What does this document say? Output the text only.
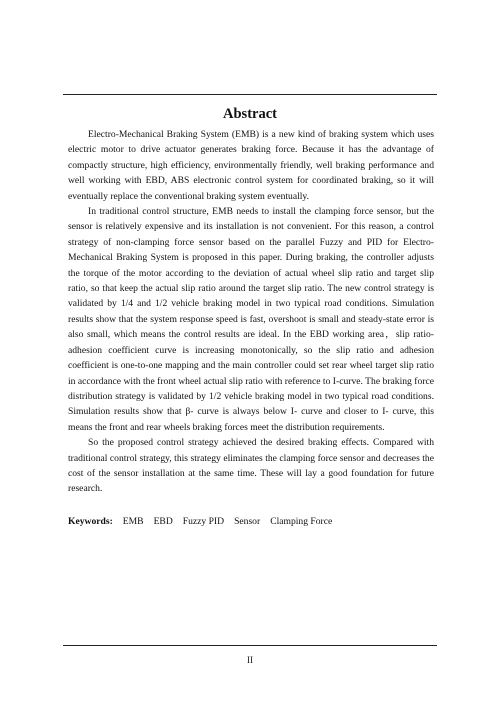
Abstract

Electro-Mechanical Braking System (EMB) is a new kind of braking system which uses electric motor to drive actuator generates braking force. Because it has the advantage of compactly structure, high efficiency, environmentally friendly, well braking performance and well working with EBD, ABS electronic control system for coordinated braking, so it will eventually replace the conventional braking system eventually.

In traditional control structure, EMB needs to install the clamping force sensor, but the sensor is relatively expensive and its installation is not convenient. For this reason, a control strategy of non-clamping force sensor based on the parallel Fuzzy and PID for Electro-Mechanical Braking System is proposed in this paper. During braking, the controller adjusts the torque of the motor according to the deviation of actual wheel slip ratio and target slip ratio, so that keep the actual slip ratio around the target slip ratio. The new control strategy is validated by 1/4 and 1/2 vehicle braking model in two typical road conditions. Simulation results show that the system response speed is fast, overshoot is small and steady-state error is also small, which means the control results are ideal. In the EBD working area，slip ratio-adhesion coefficient curve is increasing monotonically, so the slip ratio and adhesion coefficient is one-to-one mapping and the main controller could set rear wheel target slip ratio in accordance with the front wheel actual slip ratio with reference to I-curve. The braking force distribution strategy is validated by 1/2 vehicle braking model in two typical road conditions. Simulation results show that β- curve is always below I- curve and closer to I- curve, this means the front and rear wheels braking forces meet the distribution requirements.

So the proposed control strategy achieved the desired braking effects. Compared with traditional control strategy, this strategy eliminates the clamping force sensor and decreases the cost of the sensor installation at the same time. These will lay a good foundation for future research.

Keywords: EMB EBD Fuzzy PID Sensor Clamping Force
II
